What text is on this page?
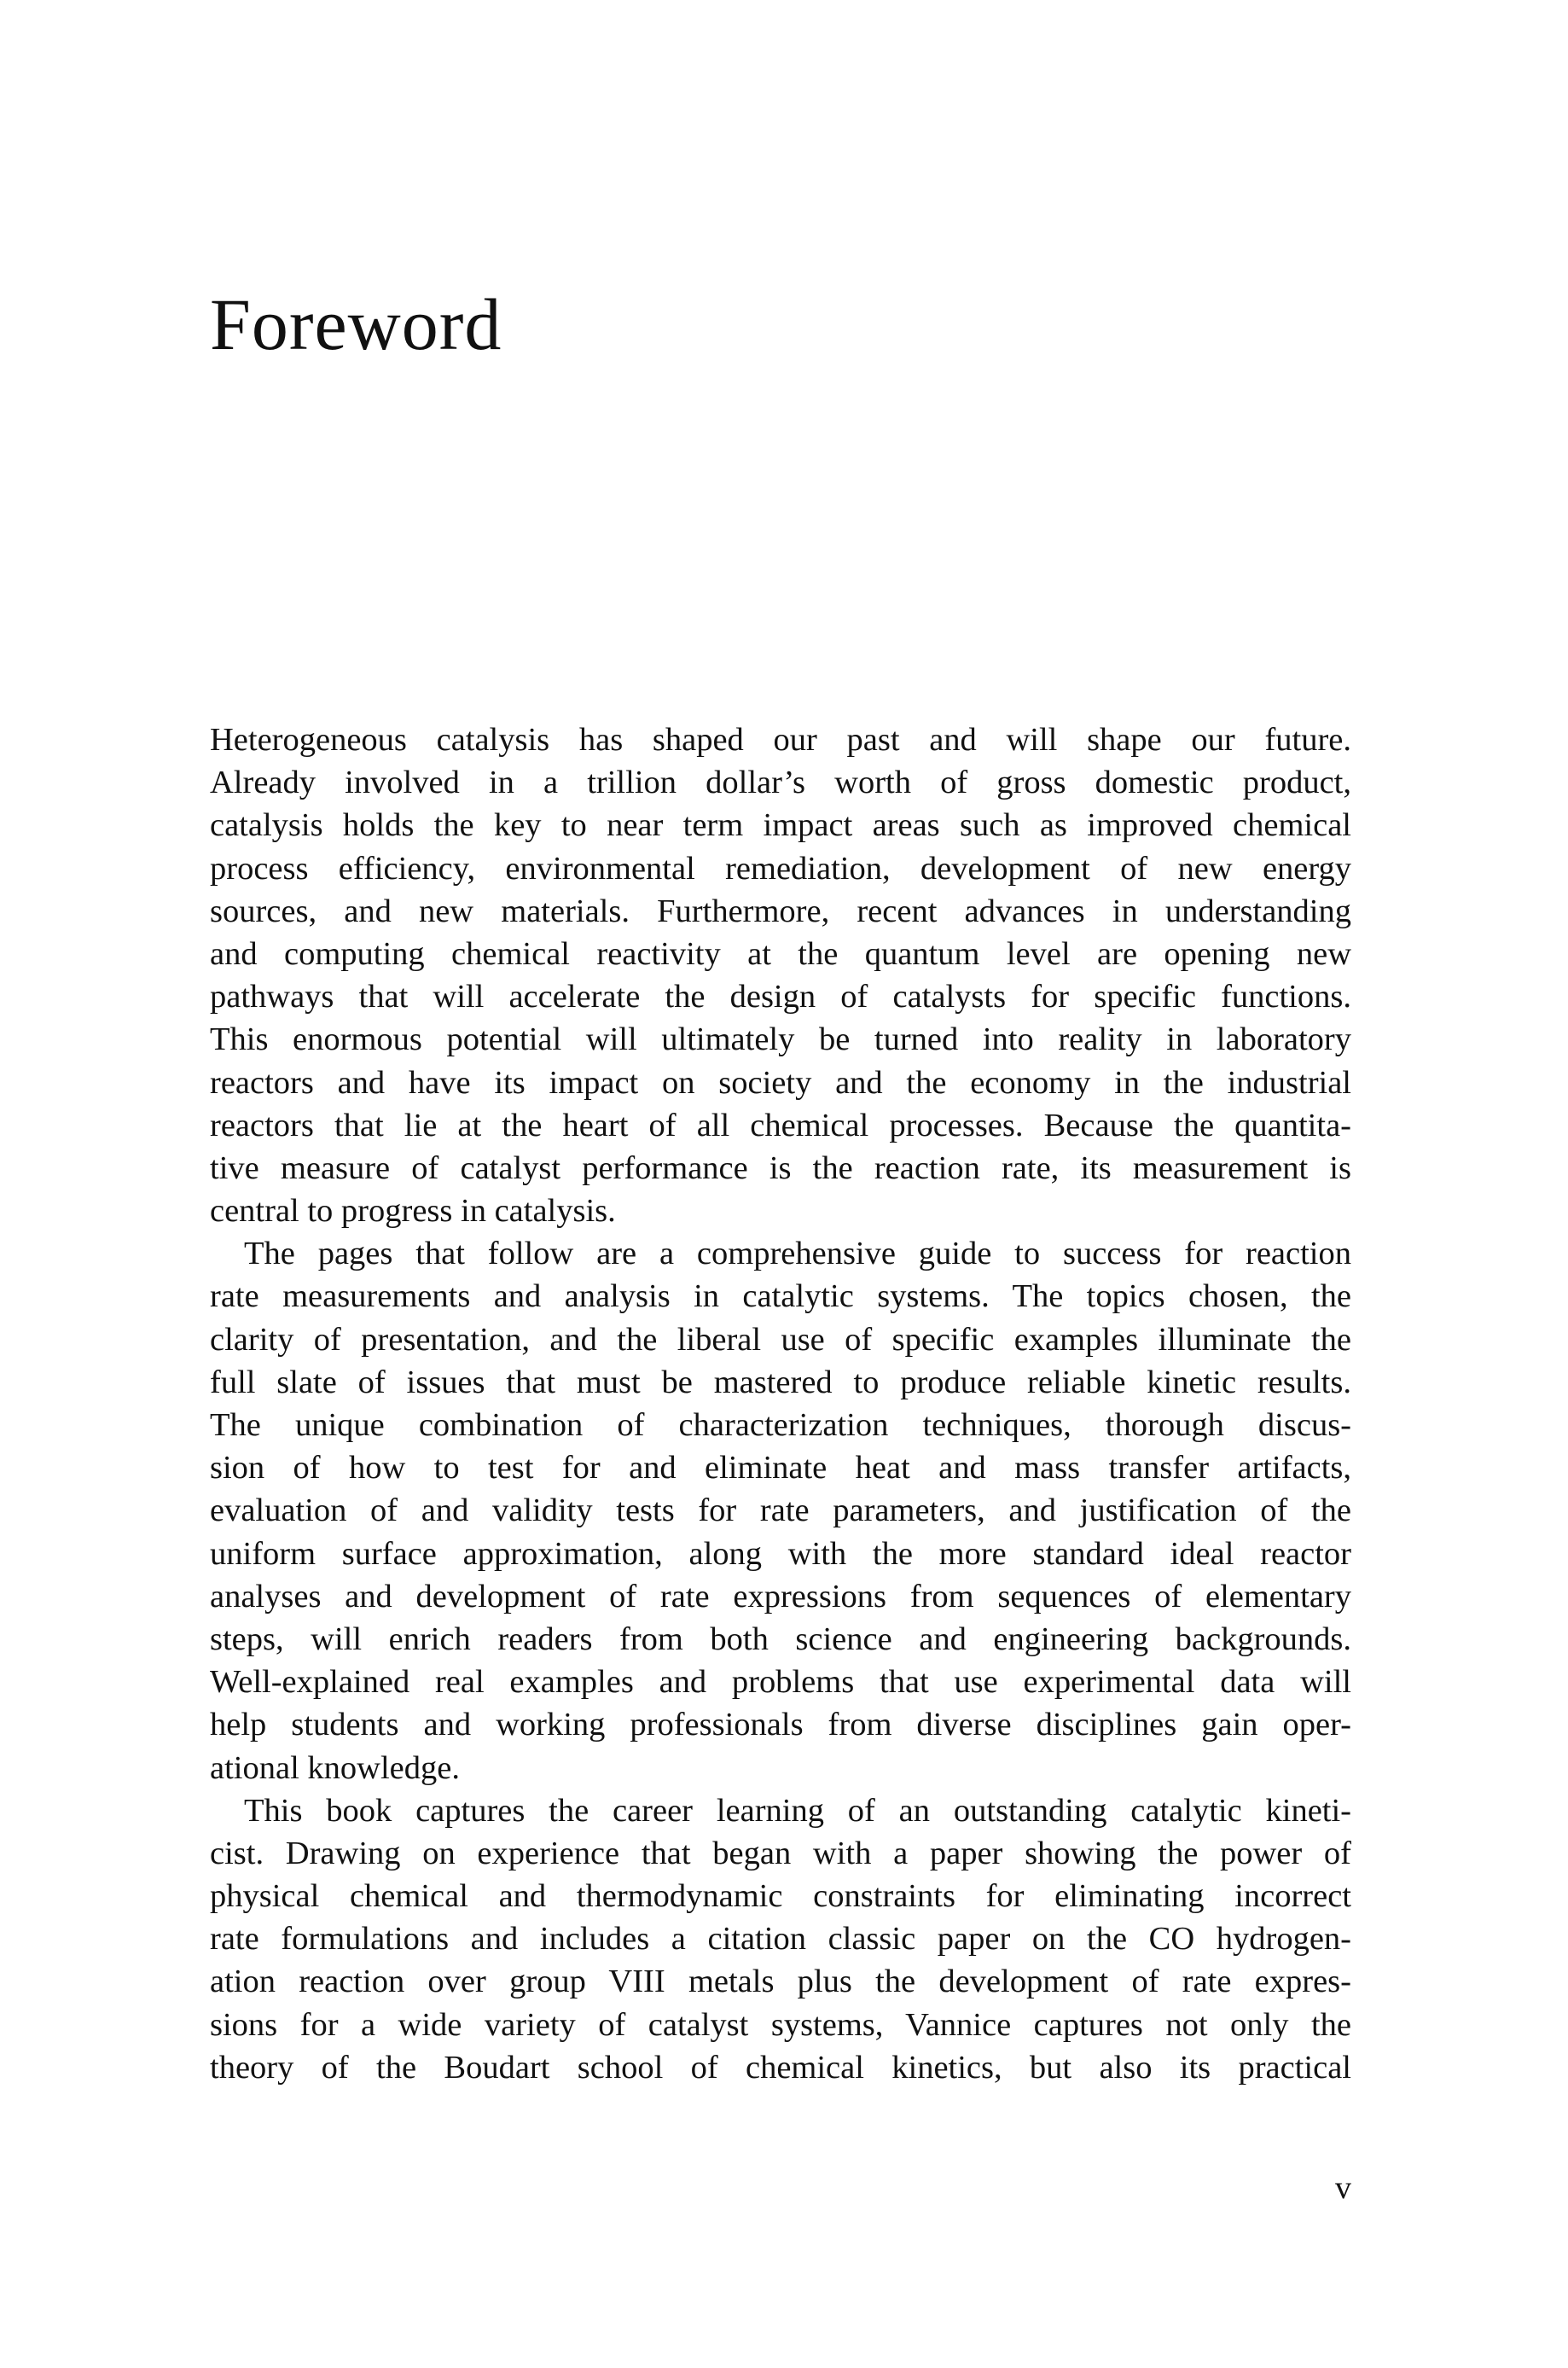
Foreword
Heterogeneous catalysis has shaped our past and will shape our future.
Already involved in a trillion dollar’s worth of gross domestic product,
catalysis holds the key to near term impact areas such as improved chemical
process efficiency, environmental remediation, development of new energy
sources, and new materials. Furthermore, recent advances in understanding
and computing chemical reactivity at the quantum level are opening new
pathways that will accelerate the design of catalysts for specific functions.
This enormous potential will ultimately be turned into reality in laboratory
reactors and have its impact on society and the economy in the industrial
reactors that lie at the heart of all chemical processes. Because the quantita-
tive measure of catalyst performance is the reaction rate, its measurement is
central to progress in catalysis.
The pages that follow are a comprehensive guide to success for reaction
rate measurements and analysis in catalytic systems. The topics chosen, the
clarity of presentation, and the liberal use of specific examples illuminate the
full slate of issues that must be mastered to produce reliable kinetic results.
The unique combination of characterization techniques, thorough discus-
sion of how to test for and eliminate heat and mass transfer artifacts,
evaluation of and validity tests for rate parameters, and justification of the
uniform surface approximation, along with the more standard ideal reactor
analyses and development of rate expressions from sequences of elementary
steps, will enrich readers from both science and engineering backgrounds.
Well-explained real examples and problems that use experimental data will
help students and working professionals from diverse disciplines gain oper-
ational knowledge.
This book captures the career learning of an outstanding catalytic kineti-
cist. Drawing on experience that began with a paper showing the power of
physical chemical and thermodynamic constraints for eliminating incorrect
rate formulations and includes a citation classic paper on the CO hydrogen-
ation reaction over group VIII metals plus the development of rate expres-
sions for a wide variety of catalyst systems, Vannice captures not only the
theory of the Boudart school of chemical kinetics, but also its practical
v
